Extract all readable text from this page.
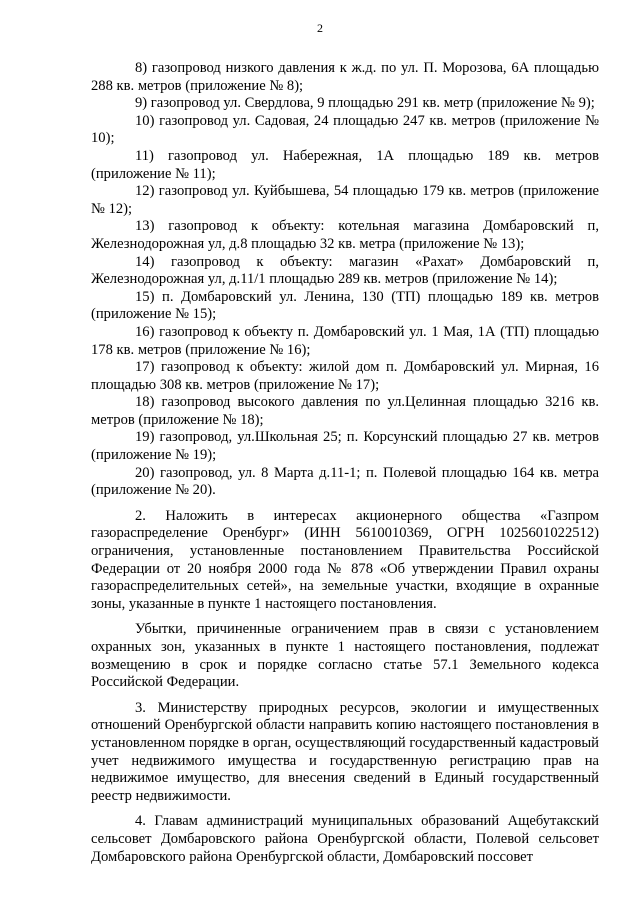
2

8) газопровод низкого давления к ж.д. по ул. П. Морозова, 6А площадью 288 кв. метров (приложение № 8);

9) газопровод ул. Свердлова, 9 площадью 291 кв. метр (приложение № 9);

10) газопровод ул. Садовая, 24 площадью 247 кв. метров (приложение № 10);

11) газопровод ул. Набережная, 1А площадью 189 кв. метров (приложение № 11);

12) газопровод ул. Куйбышева, 54 площадью 179 кв. метров (приложение № 12);

13) газопровод к объекту: котельная магазина Домбаровский п, Железнодорожная ул, д.8 площадью 32 кв. метра (приложение № 13);

14) газопровод к объекту: магазин «Рахат» Домбаровский п, Железнодорожная ул, д.11/1 площадью 289 кв. метров (приложение № 14);

15) п. Домбаровский ул. Ленина, 130 (ТП) площадью 189 кв. метров (приложение № 15);

16) газопровод к объекту п. Домбаровский ул. 1 Мая, 1А (ТП) площадью 178 кв. метров (приложение № 16);

17) газопровод к объекту: жилой дом п. Домбаровский ул. Мирная, 16 площадью 308 кв. метров (приложение № 17);

18) газопровод высокого давления по ул.Целинная площадью 3216 кв. метров (приложение № 18);

19) газопровод, ул.Школьная 25; п. Корсунский площадью 27 кв. метров (приложение № 19);

20) газопровод, ул. 8 Марта д.11-1; п. Полевой площадью 164 кв. метра (приложение № 20).

2. Наложить в интересах акционерного общества «Газпром газораспределение Оренбург» (ИНН 5610010369, ОГРН 1025601022512) ограничения, установленные постановлением Правительства Российской Федерации от 20 ноября 2000 года № 878 «Об утверждении Правил охраны газораспределительных сетей», на земельные участки, входящие в охранные зоны, указанные в пункте 1 настоящего постановления.

Убытки, причиненные ограничением прав в связи с установлением охранных зон, указанных в пункте 1 настоящего постановления, подлежат возмещению в срок и порядке согласно статье 57.1 Земельного кодекса Российской Федерации.

3. Министерству природных ресурсов, экологии и имущественных отношений Оренбургской области направить копию настоящего постановления в установленном порядке в орган, осуществляющий государственный кадастровый учет недвижимого имущества и государственную регистрацию прав на недвижимое имущество, для внесения сведений в Единый государственный реестр недвижимости.

4. Главам администраций муниципальных образований Ащебутакский сельсовет Домбаровского района Оренбургской области, Полевой сельсовет Домбаровского района Оренбургской области, Домбаровский поссовет
